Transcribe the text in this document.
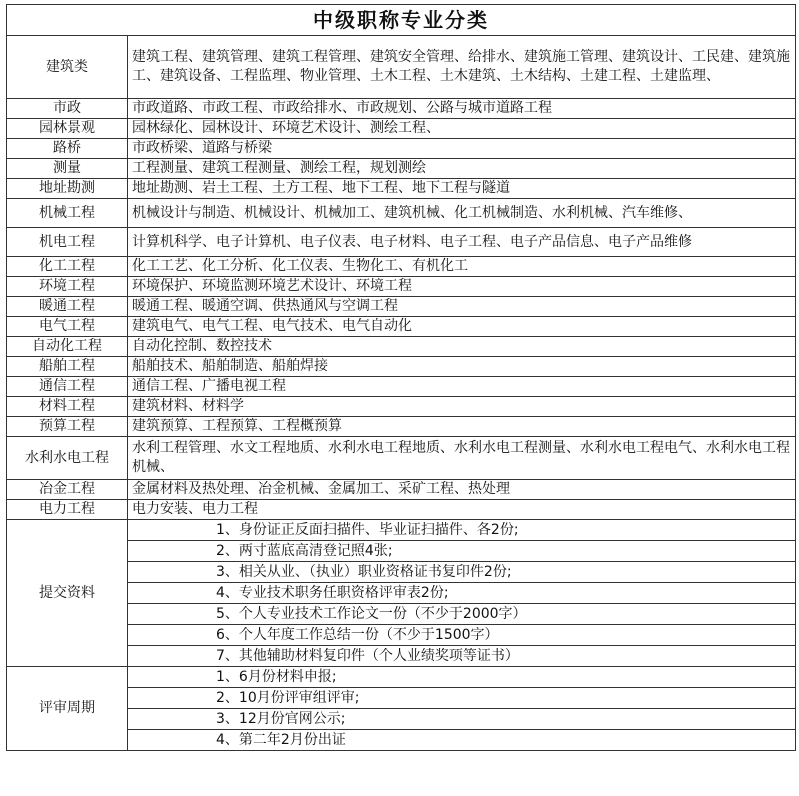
中级职称专业分类	
建筑类	建筑工程、建筑管理、建筑工程管理、建筑安全管理、给排水、建筑施工管理、建筑设计、工民建、建筑施工、建筑设备、工程监理、物业管理、土木工程、土木建筑、土木结构、土建工程、土建监理、
市政	市政道路、市政工程、市政给排水、市政规划、公路与城市道路工程
园林景观	园林绿化、园林设计、环境艺术设计、测绘工程、
路桥	市政桥梁、道路与桥梁
测量	工程测量、建筑工程测量、测绘工程，规划测绘
地址勘测	地址勘测、岩土工程、土方工程、地下工程、地下工程与隧道
机械工程	机械设计与制造、机械设计、机械加工、建筑机械、化工机械制造、水利机械、汽车维修、
机电工程	计算机科学、电子计算机、电子仪表、电子材料、电子工程、电子产品信息、电子产品维修
化工工程	化工工艺、化工分析、化工仪表、生物化工、有机化工
环境工程	环境保护、环境监测环境艺术设计、环境工程
暖通工程	暖通工程、暖通空调、供热通风与空调工程
电气工程	建筑电气、电气工程、电气技术、电气自动化
自动化工程	自动化控制、数控技术
船舶工程	船舶技术、船舶制造、船舶焊接
通信工程	通信工程、广播电视工程
材料工程	建筑材料、材料学
预算工程	建筑预算、工程预算、工程概预算
水利水电工程	水利工程管理、水文工程地质、水利水电工程地质、水利水电工程测量、水利水电工程电气、水利水电工程机械、
冶金工程	金属材料及热处理、冶金机械、金属加工、采矿工程、热处理
电力工程	电力安装、电力工程
提交资料	1、身份证正反面扫描件、毕业证扫描件、各2份;
	2、两寸蓝底高清登记照4张;
	3、相关从业、（执业）职业资格证书复印件2份;
	4、专业技术职务任职资格评审表2份;
	5、个人专业技术工作论文一份（不少于2000字）
	6、个人年度工作总结一份（不少于1500字）
	7、其他辅助材料复印件（个人业绩奖项等证书）
评审周期	1、6月份材料申报;
	2、10月份评审组评审;
	3、12月份官网公示;
	4、第二年2月份出证
